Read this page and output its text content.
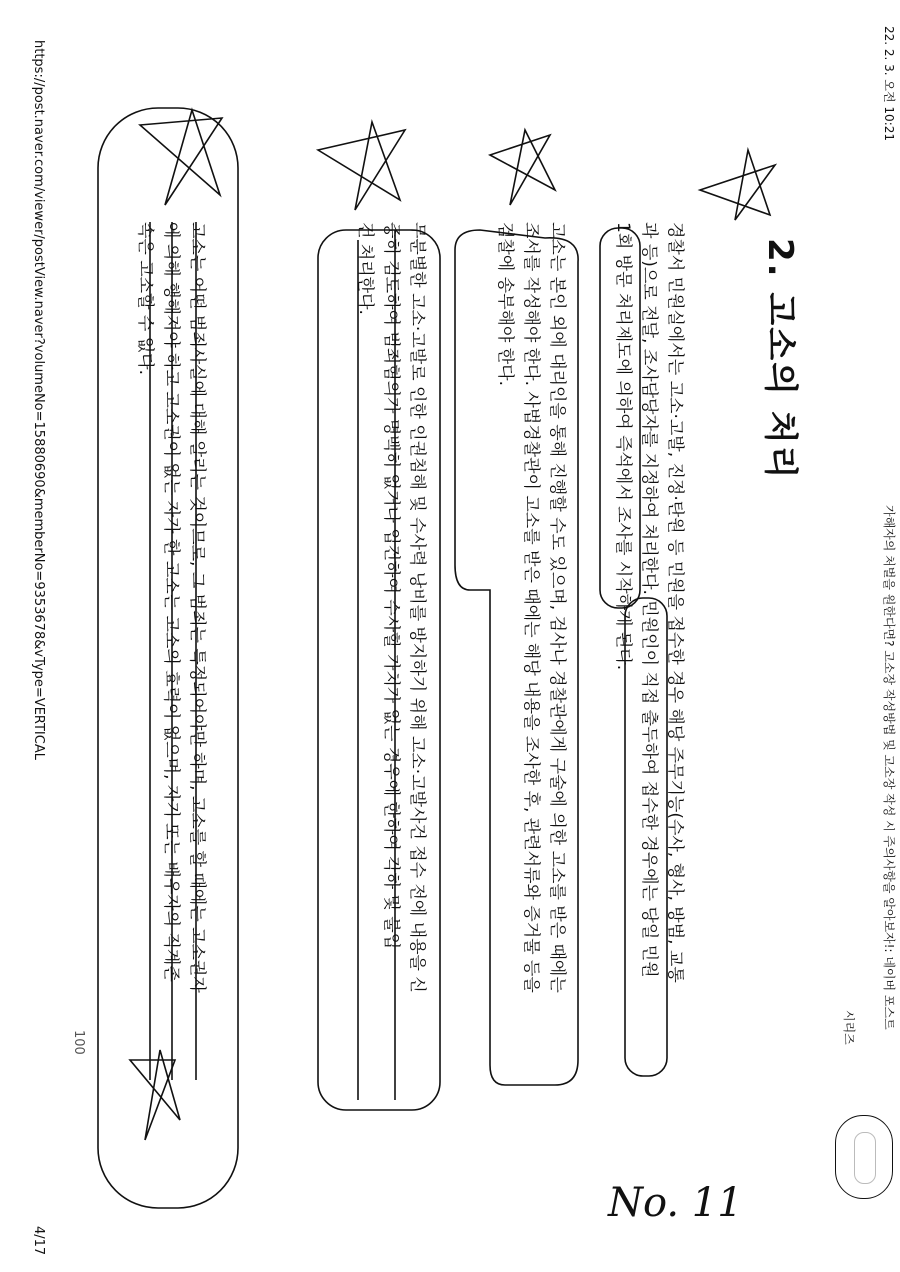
22. 2. 3. 오전 10:21
가해자의 처벌을 원한다면? 고소장 작성방법 및 고소장 작성 시 주의사항을 알아보자!: 네이버 포스트
시리즈
2. 고소의 처리
경찰서 민원실에서는 고소·고발, 진정·탄원 등 민원을 접수한 경우 해당 주무기능(수사, 형사, 방범, 교통
과 등)으로 전달, 조사담당자를 지정하여 처리한다. 민원인이 직접 출두하여 접수한 경우에는 당일 민원
1회 방문 처리제도에 의하여 즉석에서 조사를 시작하게 된다.
고소는 본인 외에 대리인을 통해 진행할 수도 있으며, 검사나 경찰관에게 구술에 의한 고소를 받은 때에는
조서를 작성해야 한다. 사법경찰관이 고소를 받은 때에는 해당 내용을 조사한 후, 관련서류와 증거물 등을
검찰에 송부해야 한다.
무분별한 고소·고발로 인한 인권침해 및 수사력 낭비를 방지하기 위해 고소·고발사건 접수 전에 내용을 신
중히 검토하여 범죄혐의가 명백히 없거나 입건하여 수사할 가치가 없는 경우에 한하여 각하 및 불입
건 처리한다.
고소는 어떤 범죄사실에 대해 알리는 것이므로, 그 범죄는 특정되어야만 하며, 고소를 할 때에는 고소권자
에 의해 행해져야 하고 고소권이 없는 자가 한 고소는 고소의 효력이 없으며, 자기 또는 배우자의 직계존
속은 고소할 수 없다.
https://post.naver.com/viewer/postView.naver?volumeNo=15880690&memberNo=9353678&vType=VERTICAL
4/17
100
No. 11
